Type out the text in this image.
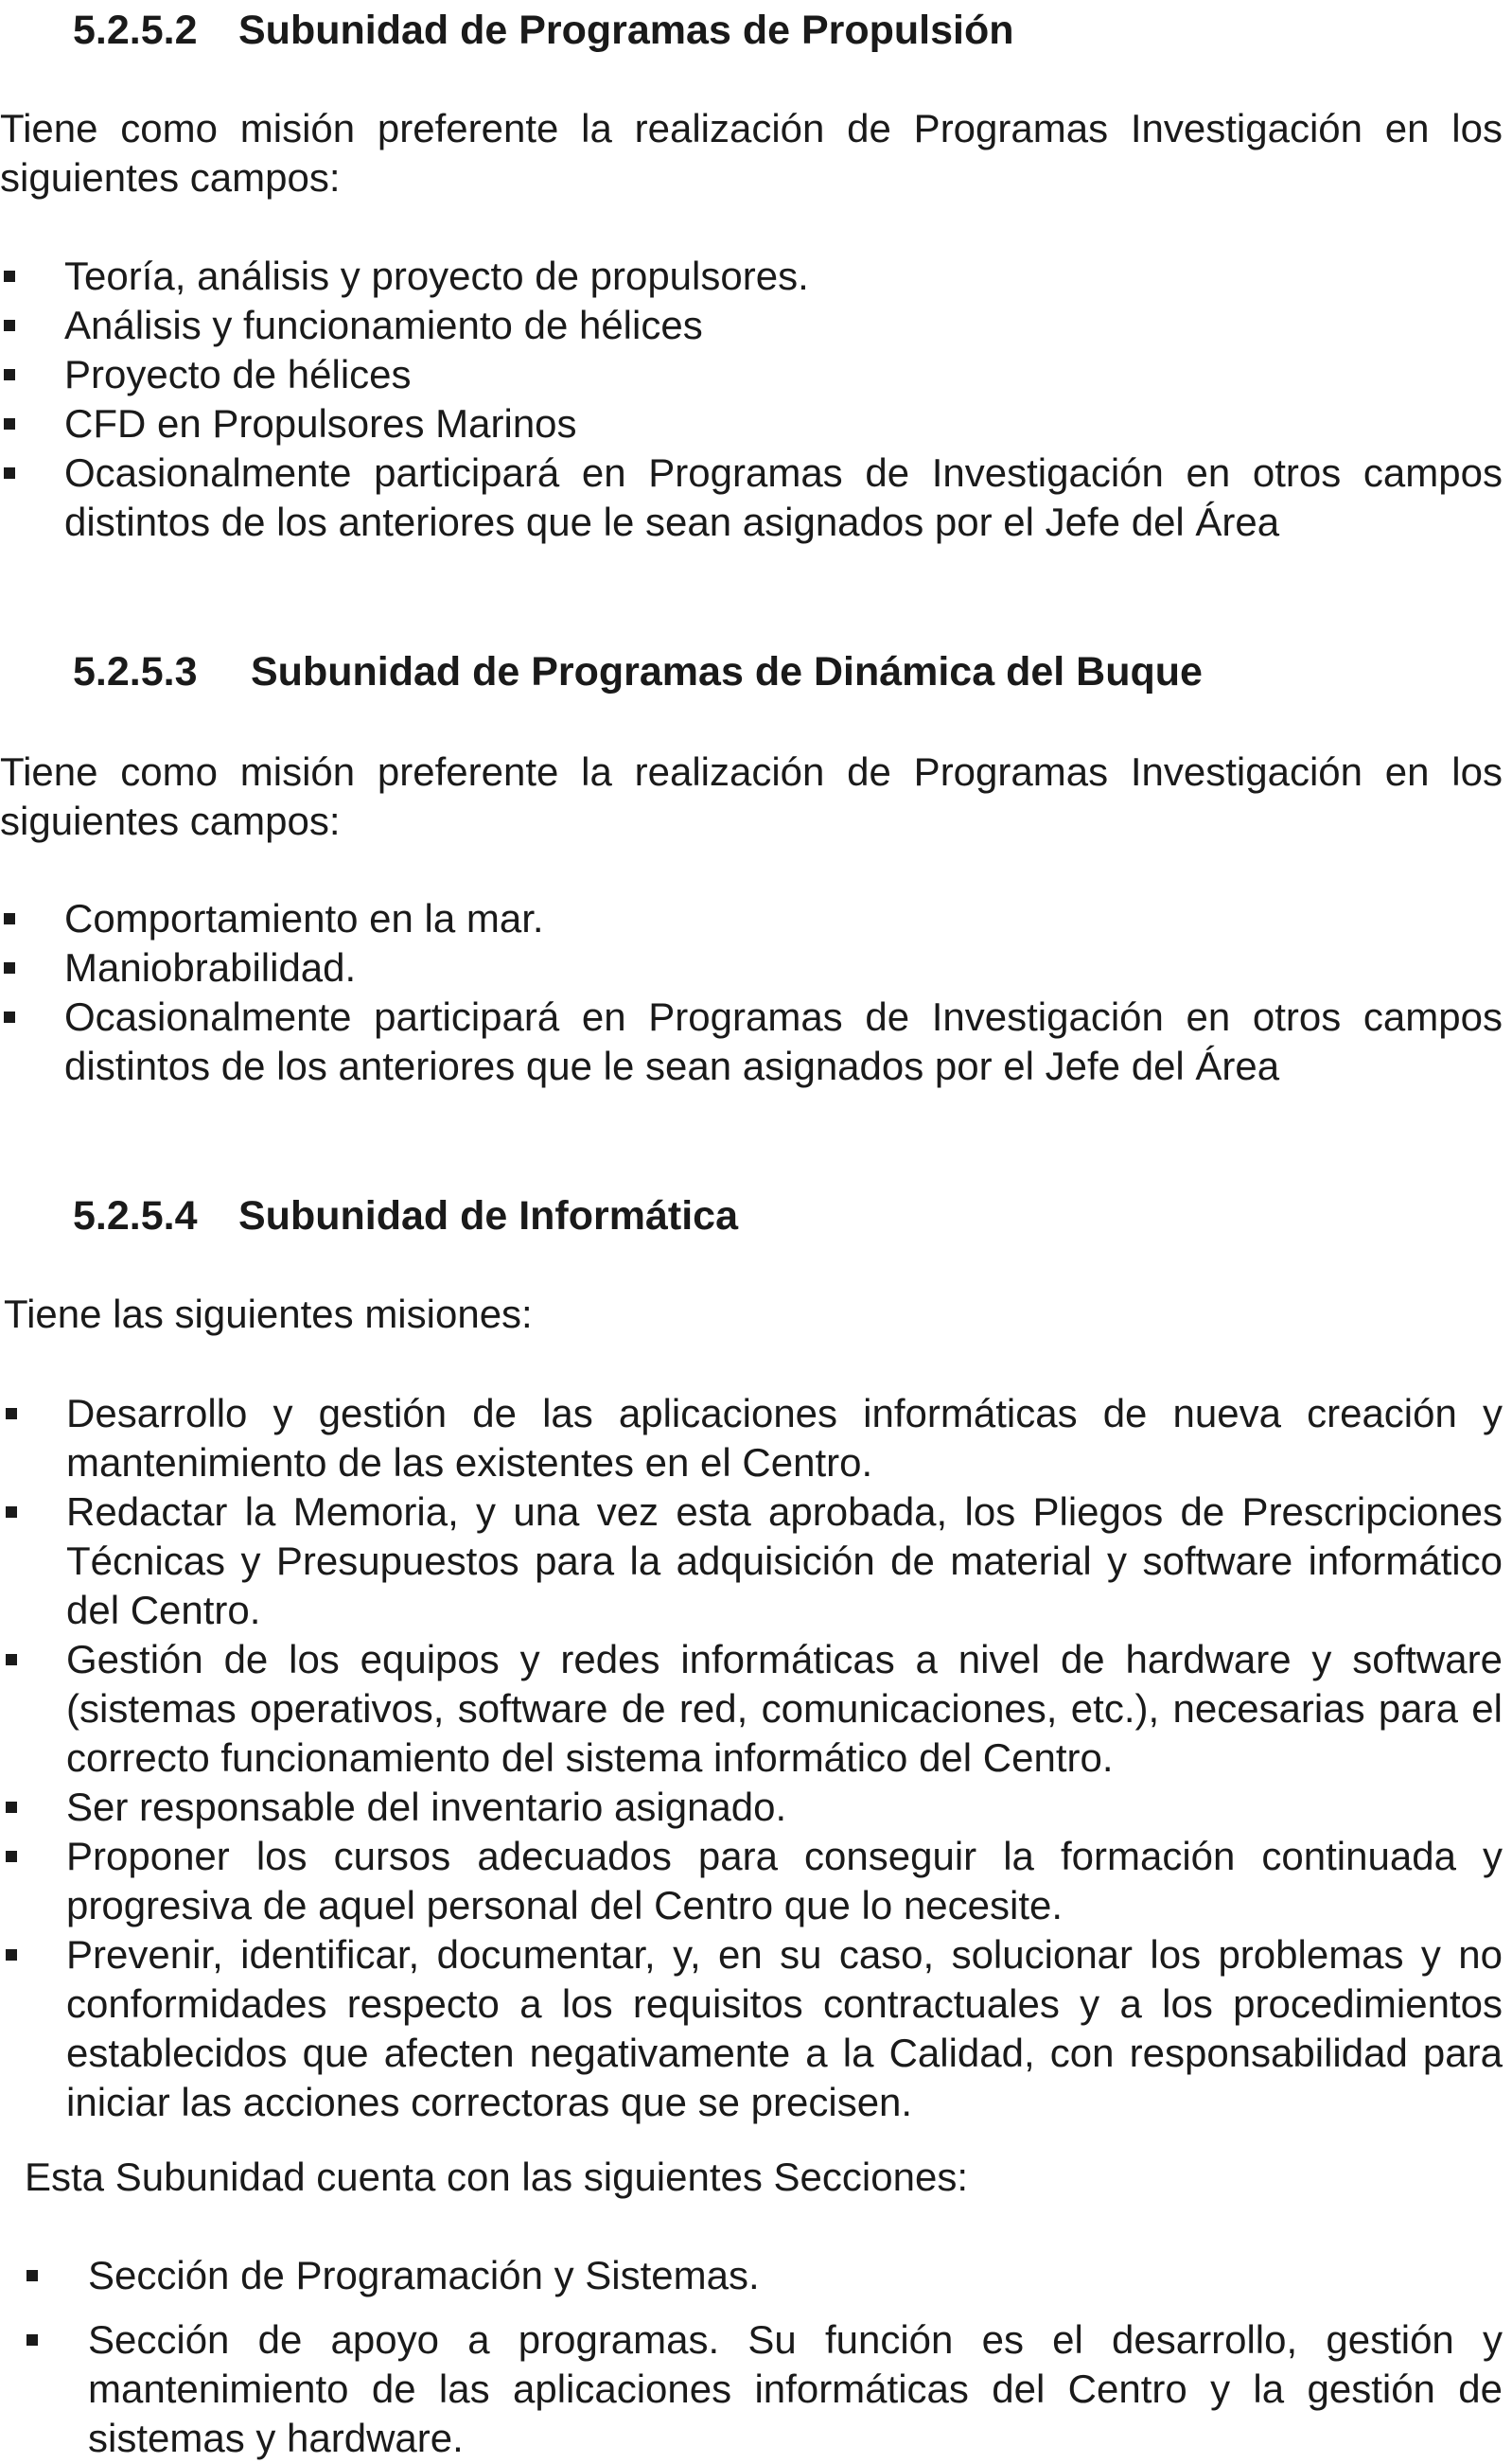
5.2.5.2 Subunidad de Programas de Propulsión
Tiene como misión preferente la realización de Programas Investigación en los siguientes campos:
Teoría, análisis y proyecto de propulsores.
Análisis y funcionamiento de hélices
Proyecto de hélices
CFD en Propulsores Marinos
Ocasionalmente participará en Programas de Investigación en otros campos distintos de los anteriores que le sean asignados por el Jefe del Área
5.2.5.3 Subunidad de Programas de Dinámica del Buque
Tiene como misión preferente la realización de Programas Investigación en los siguientes campos:
Comportamiento en la mar.
Maniobrabilidad.
Ocasionalmente participará en Programas de Investigación en otros campos distintos de los anteriores que le sean asignados por el Jefe del Área
5.2.5.4 Subunidad de Informática
Tiene las siguientes misiones:
Desarrollo y gestión de las aplicaciones informáticas de nueva creación y mantenimiento de las existentes en el Centro.
Redactar la Memoria, y una vez esta aprobada, los Pliegos de Prescripciones Técnicas y Presupuestos para la adquisición de material y software informático del Centro.
Gestión de los equipos y redes informáticas a nivel de hardware y software (sistemas operativos, software de red, comunicaciones, etc.), necesarias para el correcto funcionamiento del sistema informático del Centro.
Ser responsable del inventario asignado.
Proponer los cursos adecuados para conseguir la formación continuada y progresiva de aquel personal del Centro que lo necesite.
Prevenir, identificar, documentar, y, en su caso, solucionar los problemas y no conformidades respecto a los requisitos contractuales y a los procedimientos establecidos que afecten negativamente a la Calidad, con responsabilidad para iniciar las acciones correctoras que se precisen.
Esta Subunidad cuenta con las siguientes Secciones:
Sección de Programación y Sistemas.
Sección de apoyo a programas. Su función es el desarrollo, gestión y mantenimiento de las aplicaciones informáticas del Centro y la gestión de sistemas y hardware.
